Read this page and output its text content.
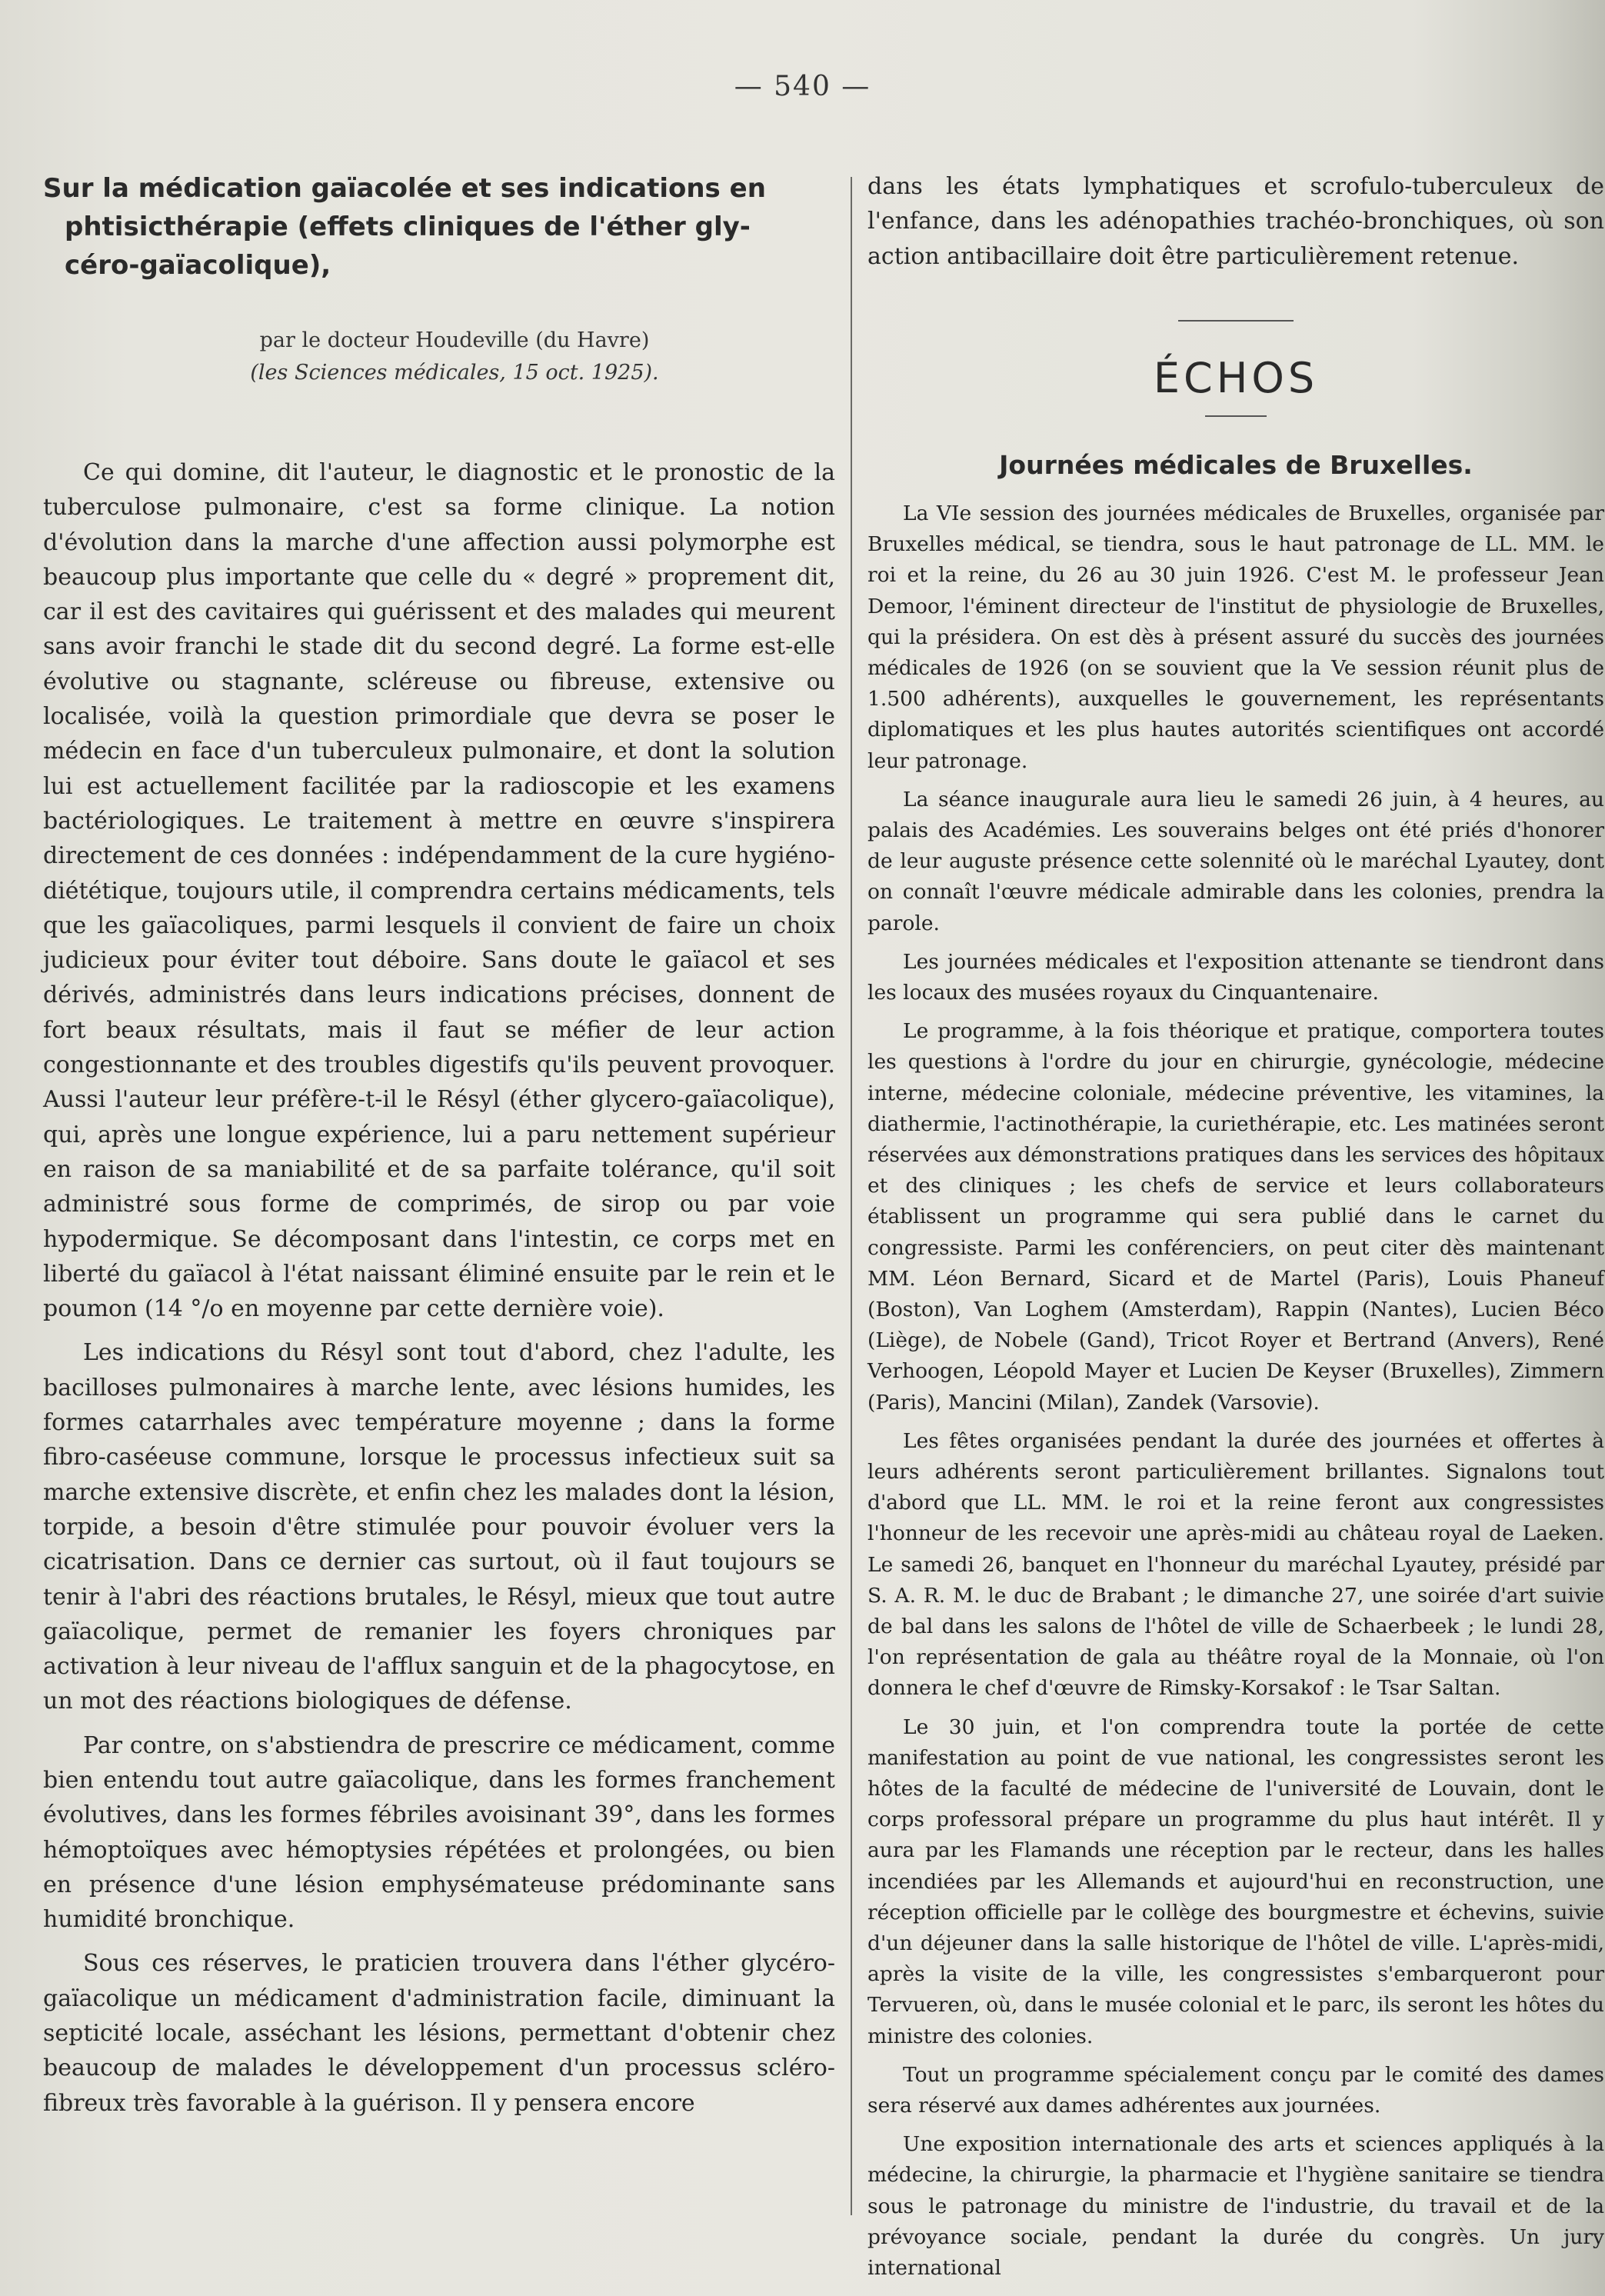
— 540 —
Sur la médication gaïacolée et ses indications en
phtisicthérapie (effets cliniques de l'éther gly-
céro-gaïacolique),
par le docteur Houdeville (du Havre)
(les Sciences médicales, 15 oct. 1925).

Ce qui domine, dit l'auteur, le diagnostic et le pronostic de la tuberculose pulmonaire, c'est sa forme clinique. La notion d'évolution dans la marche d'une affection aussi polymorphe est beaucoup plus importante que celle du « degré » proprement dit, car il est des cavitaires qui guérissent et des malades qui meurent sans avoir franchi le stade dit du second degré. La forme est-elle évolutive ou stagnante, scléreuse ou fibreuse, extensive ou localisée, voilà la question primordiale que devra se poser le médecin en face d'un tuberculeux pulmonaire, et dont la solution lui est actuellement facilitée par la radioscopie et les examens bactériologiques. Le traitement à mettre en œuvre s'inspirera directement de ces données : indépendamment de la cure hygiéno-diététique, toujours utile, il comprendra certains médicaments, tels que les gaïacoliques, parmi lesquels il convient de faire un choix judicieux pour éviter tout déboire. Sans doute le gaïacol et ses dérivés, administrés dans leurs indications précises, donnent de fort beaux résultats, mais il faut se méfier de leur action congestionnante et des troubles digestifs qu'ils peuvent provoquer. Aussi l'auteur leur préfère-t-il le Résyl (éther glycero-gaïacolique), qui, après une longue expérience, lui a paru nettement supérieur en raison de sa maniabilité et de sa parfaite tolérance, qu'il soit administré sous forme de comprimés, de sirop ou par voie hypodermique. Se décomposant dans l'intestin, ce corps met en liberté du gaïacol à l'état naissant éliminé ensuite par le rein et le poumon (14 °/o en moyenne par cette dernière voie).

Les indications du Résyl sont tout d'abord, chez l'adulte, les bacilloses pulmonaires à marche lente, avec lésions humides, les formes catarrhales avec température moyenne ; dans la forme fibro-caséeuse commune, lorsque le processus infectieux suit sa marche extensive discrète, et enfin chez les malades dont la lésion, torpide, a besoin d'être stimulée pour pouvoir évoluer vers la cicatrisation. Dans ce dernier cas surtout, où il faut toujours se tenir à l'abri des réactions brutales, le Résyl, mieux que tout autre gaïacolique, permet de remanier les foyers chroniques par activation à leur niveau de l'afflux sanguin et de la phagocytose, en un mot des réactions biologiques de défense.

Par contre, on s'abstiendra de prescrire ce médicament, comme bien entendu tout autre gaïacolique, dans les formes franchement évolutives, dans les formes fébriles avoisinant 39°, dans les formes hémoptoïques avec hémoptysies répétées et prolongées, ou bien en présence d'une lésion emphysémateuse prédominante sans humidité bronchique.

Sous ces réserves, le praticien trouvera dans l'éther glycéro-gaïacolique un médicament d'administration facile, diminuant la septicité locale, asséchant les lésions, permettant d'obtenir chez beaucoup de malades le développement d'un processus scléro-fibreux très favorable à la guérison. Il y pensera encore

dans les états lymphatiques et scrofulo-tuberculeux de l'enfance, dans les adénopathies trachéo-bronchiques, où son action antibacillaire doit être particulièrement retenue.

ÉCHOS
Journées médicales de Bruxelles.

La VIe session des journées médicales de Bruxelles, organisée par Bruxelles médical, se tiendra, sous le haut patronage de LL. MM. le roi et la reine, du 26 au 30 juin 1926. C'est M. le professeur Jean Demoor, l'éminent directeur de l'institut de physiologie de Bruxelles, qui la présidera. On est dès à présent assuré du succès des journées médicales de 1926 (on se souvient que la Ve session réunit plus de 1.500 adhérents), auxquelles le gouvernement, les représentants diplomatiques et les plus hautes autorités scientifiques ont accordé leur patronage.

La séance inaugurale aura lieu le samedi 26 juin, à 4 heures, au palais des Académies. Les souverains belges ont été priés d'honorer de leur auguste présence cette solennité où le maréchal Lyautey, dont on connaît l'œuvre médicale admirable dans les colonies, prendra la parole.

Les journées médicales et l'exposition attenante se tiendront dans les locaux des musées royaux du Cinquantenaire.

Le programme, à la fois théorique et pratique, comportera toutes les questions à l'ordre du jour en chirurgie, gynécologie, médecine interne, médecine coloniale, médecine préventive, les vitamines, la diathermie, l'actinothérapie, la curiethérapie, etc. Les matinées seront réservées aux démonstrations pratiques dans les services des hôpitaux et des cliniques ; les chefs de service et leurs collaborateurs établissent un programme qui sera publié dans le carnet du congressiste. Parmi les conférenciers, on peut citer dès maintenant MM. Léon Bernard, Sicard et de Martel (Paris), Louis Phaneuf (Boston), Van Loghem (Amsterdam), Rappin (Nantes), Lucien Béco (Liège), de Nobele (Gand), Tricot Royer et Bertrand (Anvers), René Verhoogen, Léopold Mayer et Lucien De Keyser (Bruxelles), Zimmern (Paris), Mancini (Milan), Zandek (Varsovie).

Les fêtes organisées pendant la durée des journées et offertes à leurs adhérents seront particulièrement brillantes. Signalons tout d'abord que LL. MM. le roi et la reine feront aux congressistes l'honneur de les recevoir une après-midi au château royal de Laeken. Le samedi 26, banquet en l'honneur du maréchal Lyautey, présidé par S. A. R. M. le duc de Brabant ; le dimanche 27, une soirée d'art suivie de bal dans les salons de l'hôtel de ville de Schaerbeek ; le lundi 28, l'on représentation de gala au théâtre royal de la Monnaie, où l'on donnera le chef d'œuvre de Rimsky-Korsakof : le Tsar Saltan.

Le 30 juin, et l'on comprendra toute la portée de cette manifestation au point de vue national, les congressistes seront les hôtes de la faculté de médecine de l'université de Louvain, dont le corps professoral prépare un programme du plus haut intérêt. Il y aura par les Flamands une réception par le recteur, dans les halles incendiées par les Allemands et aujourd'hui en reconstruction, une réception officielle par le collège des bourgmestre et échevins, suivie d'un déjeuner dans la salle historique de l'hôtel de ville. L'après-midi, après la visite de la ville, les congressistes s'embarqueront pour Tervueren, où, dans le musée colonial et le parc, ils seront les hôtes du ministre des colonies.

Tout un programme spécialement conçu par le comité des dames sera réservé aux dames adhérentes aux journées.

Une exposition internationale des arts et sciences appliqués à la médecine, la chirurgie, la pharmacie et l'hygiène sanitaire se tiendra sous le patronage du ministre de l'industrie, du travail et de la prévoyance sociale, pendant la durée du congrès. Un jury international
